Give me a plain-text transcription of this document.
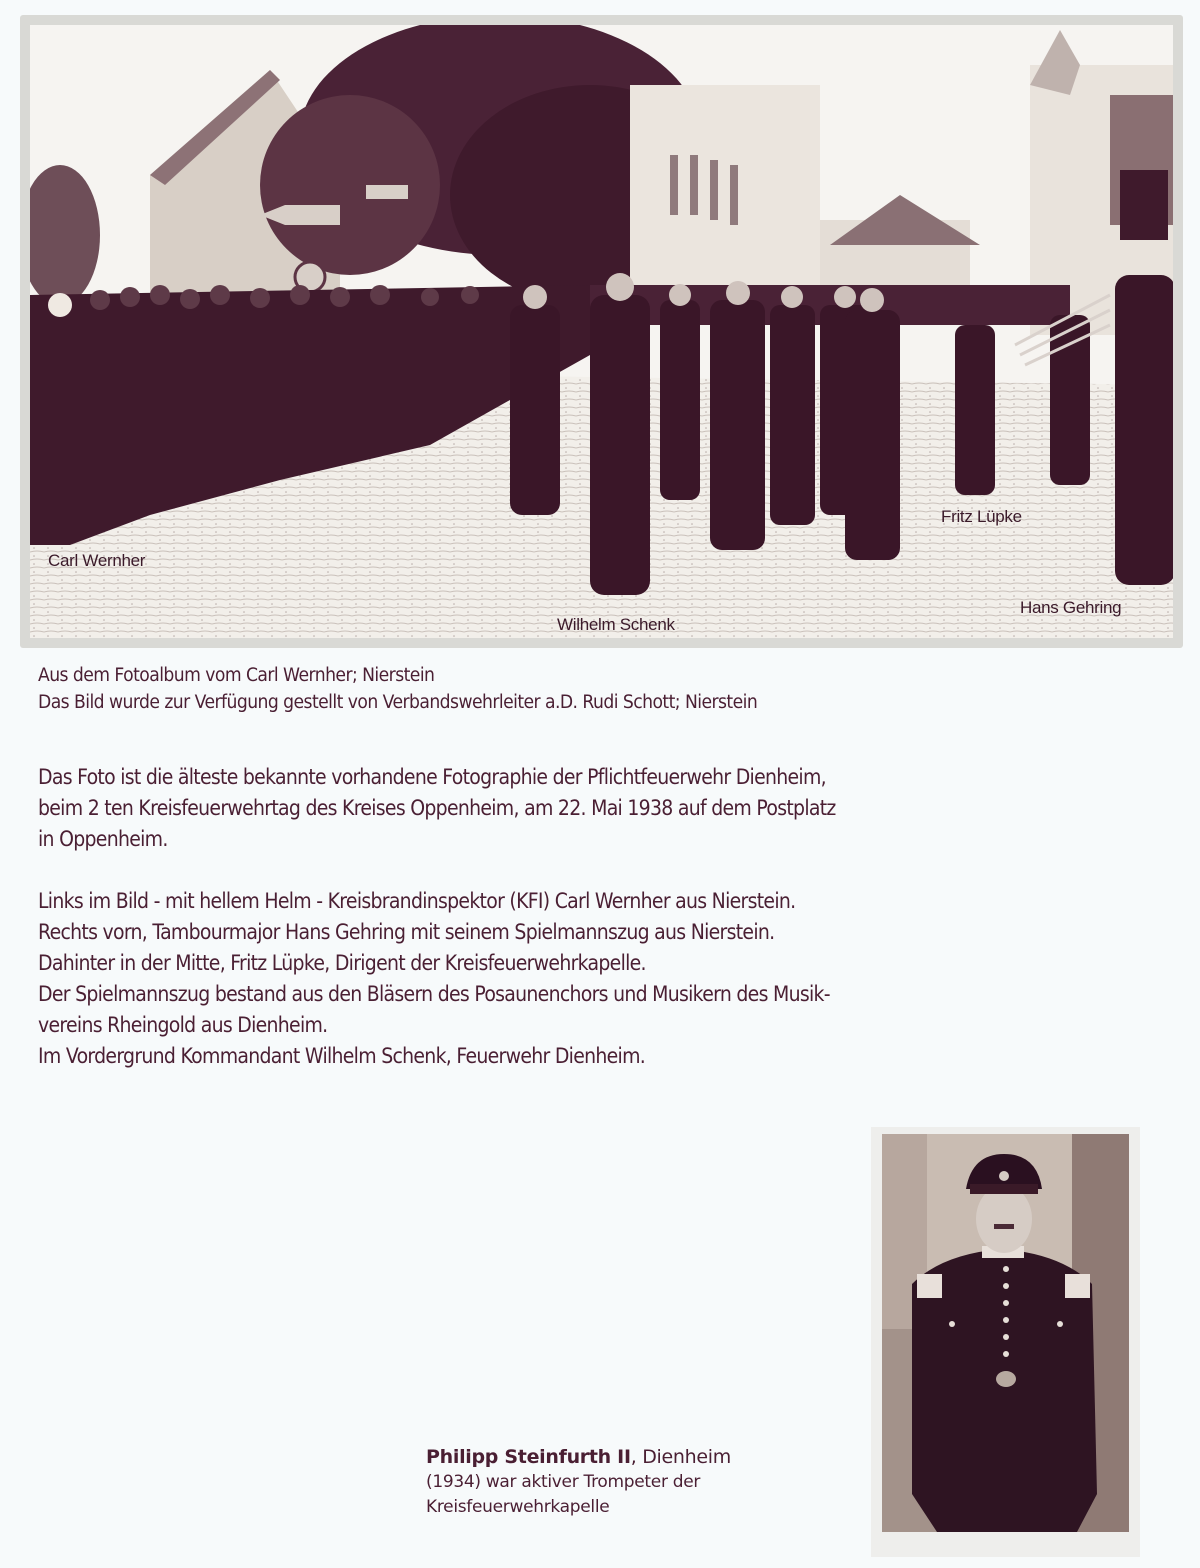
Carl Wernher
Wilhelm Schenk
Fritz Lüpke
Hans Gehring
Aus dem Fotoalbum vom Carl Wernher; Nierstein
Das Bild wurde zur Verfügung gestellt von Verbandswehrleiter a.D. Rudi Schott; Nierstein
Das Foto ist die älteste bekannte vorhandene Fotographie der Pflichtfeuerwehr Dienheim,
beim 2 ten Kreisfeuerwehrtag des Kreises Oppenheim, am 22. Mai 1938 auf dem Postplatz
in Oppenheim.
Links im Bild - mit hellem Helm - Kreisbrandinspektor (KFI) Carl Wernher aus Nierstein.
Rechts vorn, Tambourmajor Hans Gehring mit seinem Spielmannszug aus Nierstein.
Dahinter in der Mitte, Fritz Lüpke, Dirigent der Kreisfeuerwehrkapelle.
Der Spielmannszug bestand aus den Bläsern des Posaunenchors und Musikern des Musik-
vereins Rheingold aus Dienheim.
Im Vordergrund Kommandant Wilhelm Schenk, Feuerwehr Dienheim.
Philipp Steinfurth II, Dienheim
(1934) war aktiver Trompeter der
Kreisfeuerwehrkapelle
